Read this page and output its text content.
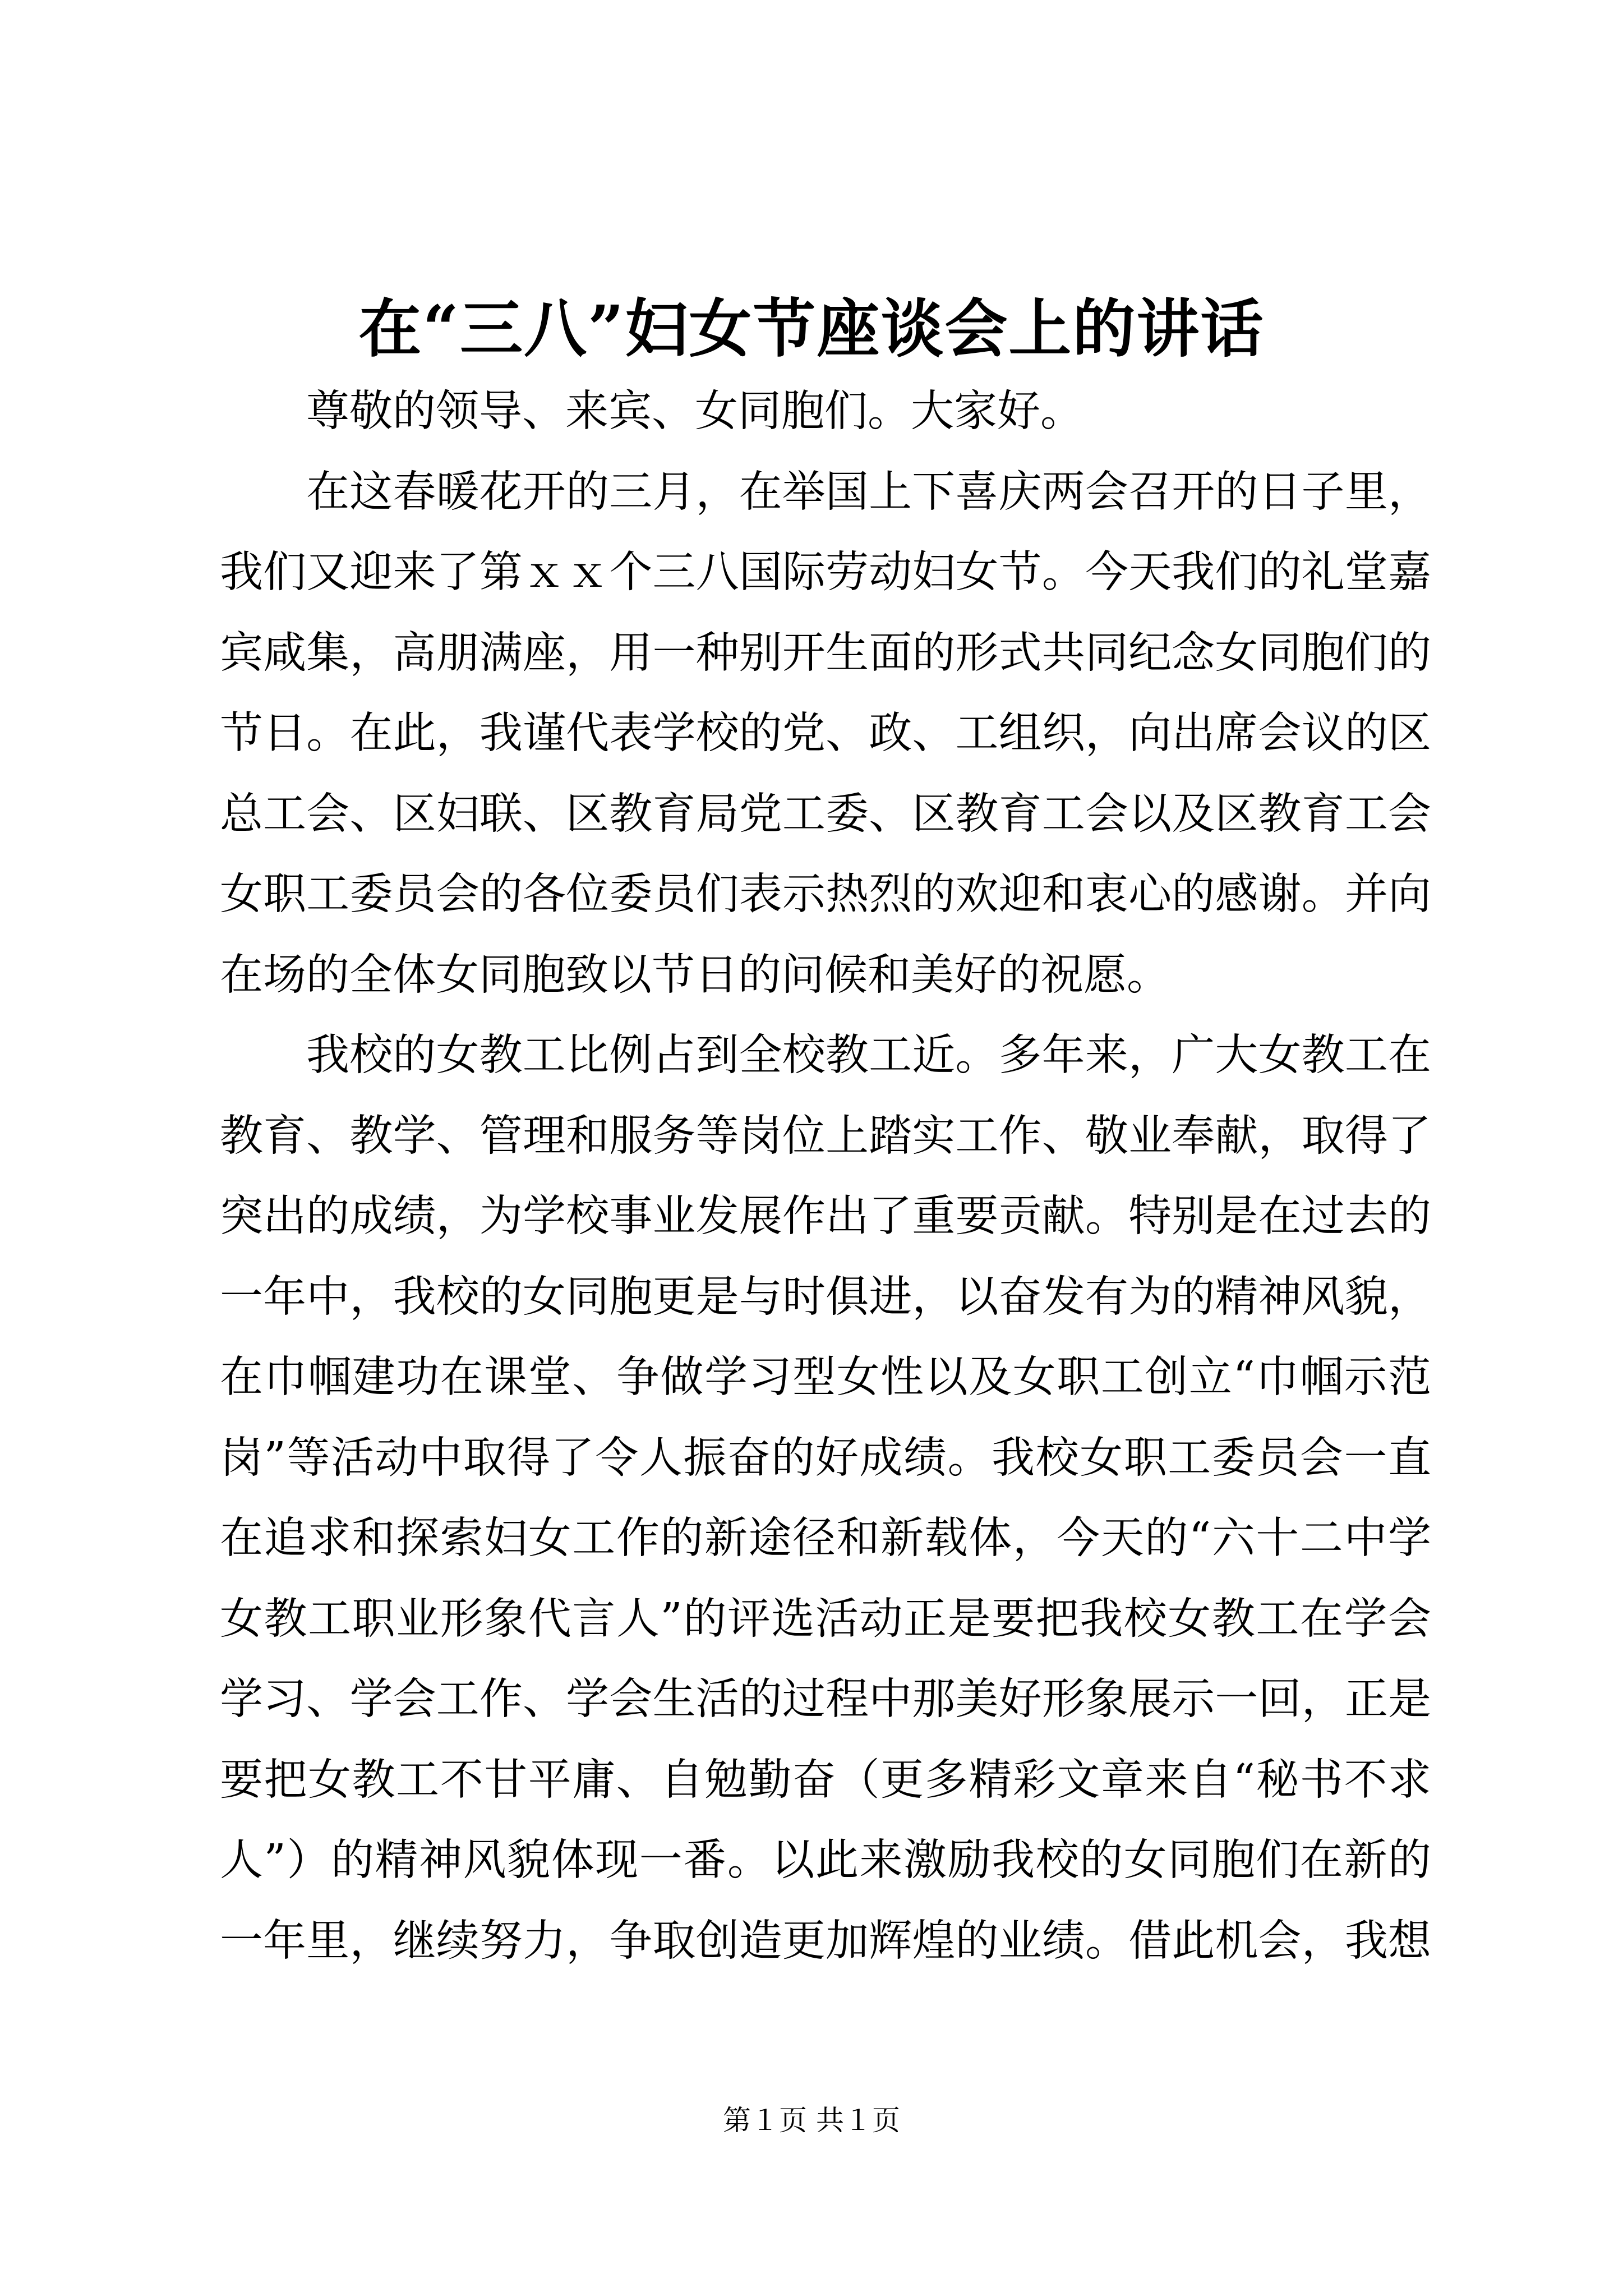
在“三八”妇女节座谈会上的讲话
尊敬的领导、来宾、女同胞们。大家好。
在这春暖花开的三月，在举国上下喜庆两会召开的日子里，
我们又迎来了第ｘｘ个三八国际劳动妇女节。今天我们的礼堂嘉
宾咸集，高朋满座，用一种别开生面的形式共同纪念女同胞们的
节日。在此，我谨代表学校的党、政、工组织，向出席会议的区
总工会、区妇联、区教育局党工委、区教育工会以及区教育工会
女职工委员会的各位委员们表示热烈的欢迎和衷心的感谢。并向
在场的全体女同胞致以节日的问候和美好的祝愿。
我校的女教工比例占到全校教工近。多年来，广大女教工在
教育、教学、管理和服务等岗位上踏实工作、敬业奉献，取得了
突出的成绩，为学校事业发展作出了重要贡献。特别是在过去的
一年中，我校的女同胞更是与时俱进，以奋发有为的精神风貌，
在巾帼建功在课堂、争做学习型女性以及女职工创立“巾帼示范
岗”等活动中取得了令人振奋的好成绩。我校女职工委员会一直
在追求和探索妇女工作的新途径和新载体，今天的“六十二中学
女教工职业形象代言人”的评选活动正是要把我校女教工在学会
学习、学会工作、学会生活的过程中那美好形象展示一回，正是
要把女教工不甘平庸、自勉勤奋（更多精彩文章来自“秘书不求
人”）的精神风貌体现一番。以此来激励我校的女同胞们在新的
一年里，继续努力，争取创造更加辉煌的业绩。借此机会，我想
第１页 共１页
